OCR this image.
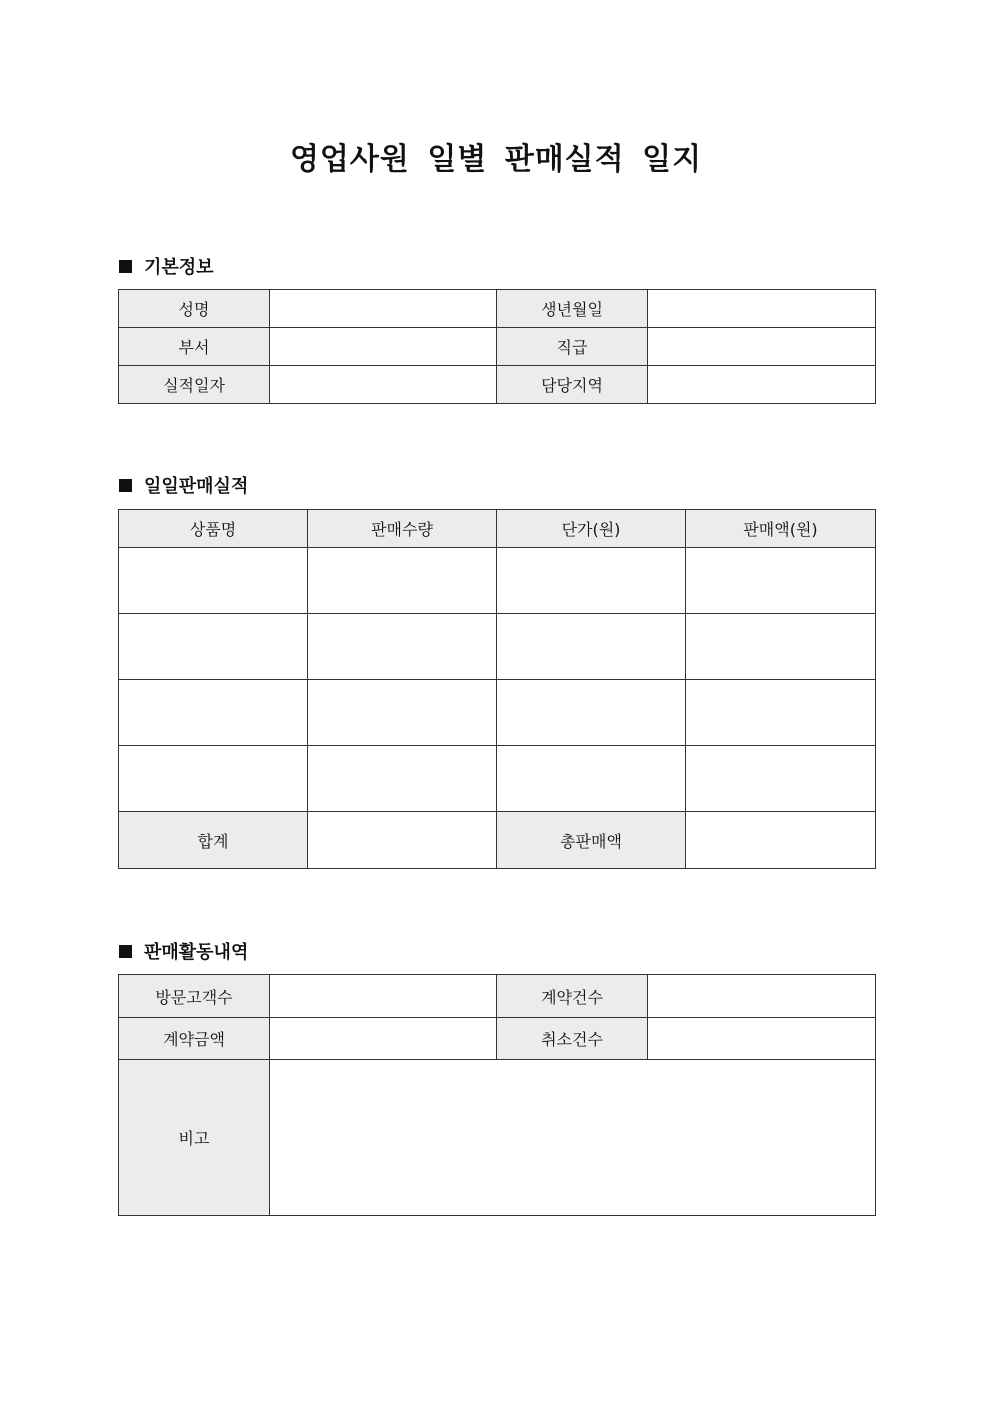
영업사원 일별 판매실적 일지
기본정보
성명		생년월일	
부서		직급	
실적일자		담당지역	
일일판매실적
상품명	판매수량	단가(원)	판매액(원)

합계		총판매액	
판매활동내역
방문고객수		계약건수	
계약금액		취소건수	
비고			
